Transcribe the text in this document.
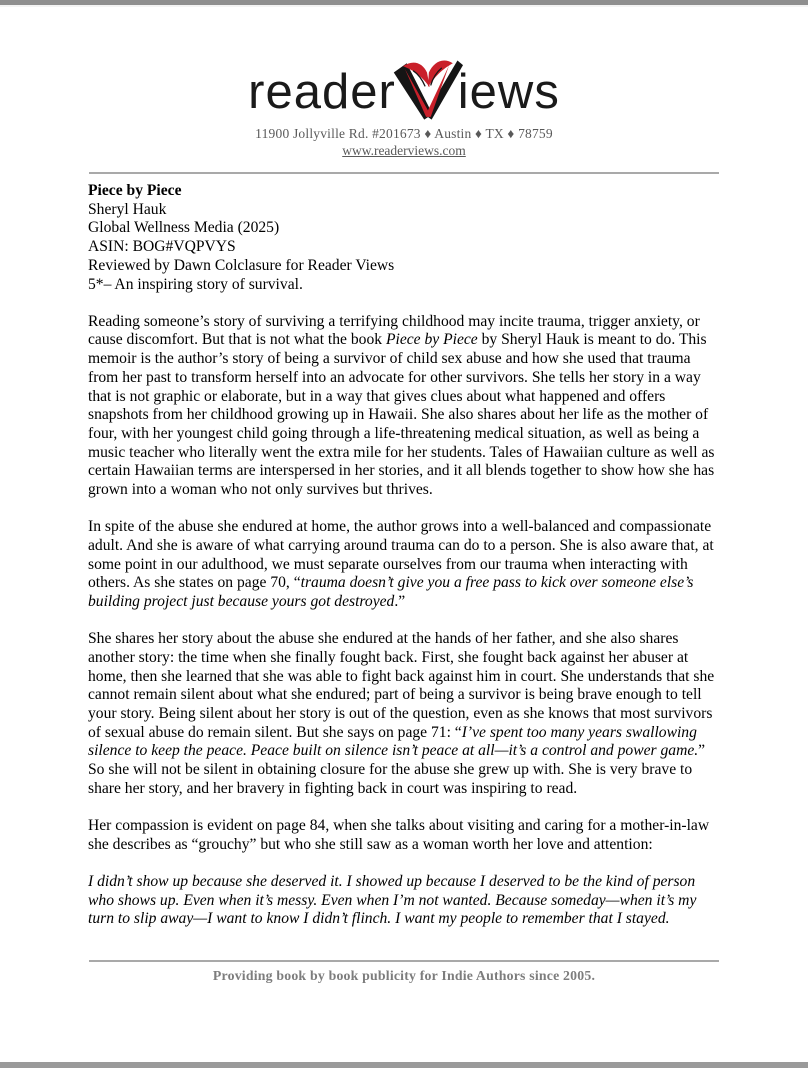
reader iews
11900 Jollyville Rd. #201673 ♦ Austin ♦ TX ♦ 78759
www.readerviews.com
Piece by Piece
Sheryl Hauk
Global Wellness Media (2025)
ASIN: BOG#VQPVYS
Reviewed by Dawn Colclasure for Reader Views
5*– An inspiring story of survival.

Reading someone’s story of surviving a terrifying childhood may incite trauma, trigger anxiety, or cause discomfort. But that is not what the book Piece by Piece by Sheryl Hauk is meant to do. This memoir is the author’s story of being a survivor of child sex abuse and how she used that trauma from her past to transform herself into an advocate for other survivors. She tells her story in a way that is not graphic or elaborate, but in a way that gives clues about what happened and offers snapshots from her childhood growing up in Hawaii. She also shares about her life as the mother of four, with her youngest child going through a life-threatening medical situation, as well as being a music teacher who literally went the extra mile for her students. Tales of Hawaiian culture as well as certain Hawaiian terms are interspersed in her stories, and it all blends together to show how she has grown into a woman who not only survives but thrives.

In spite of the abuse she endured at home, the author grows into a well-balanced and compassionate adult. And she is aware of what carrying around trauma can do to a person. She is also aware that, at some point in our adulthood, we must separate ourselves from our trauma when interacting with others. As she states on page 70, “trauma doesn’t give you a free pass to kick over someone else’s building project just because yours got destroyed.”

She shares her story about the abuse she endured at the hands of her father, and she also shares another story: the time when she finally fought back. First, she fought back against her abuser at home, then she learned that she was able to fight back against him in court. She understands that she cannot remain silent about what she endured; part of being a survivor is being brave enough to tell your story. Being silent about her story is out of the question, even as she knows that most survivors of sexual abuse do remain silent. But she says on page 71: “I’ve spent too many years swallowing silence to keep the peace. Peace built on silence isn’t peace at all—it’s a control and power game.” So she will not be silent in obtaining closure for the abuse she grew up with. She is very brave to share her story, and her bravery in fighting back in court was inspiring to read.

Her compassion is evident on page 84, when she talks about visiting and caring for a mother-in-law she describes as “grouchy” but who she still saw as a woman worth her love and attention:

I didn’t show up because she deserved it. I showed up because I deserved to be the kind of person who shows up. Even when it’s messy. Even when I’m not wanted. Because someday—when it’s my turn to slip away—I want to know I didn’t flinch. I want my people to remember that I stayed.

Providing book by book publicity for Indie Authors since 2005.
